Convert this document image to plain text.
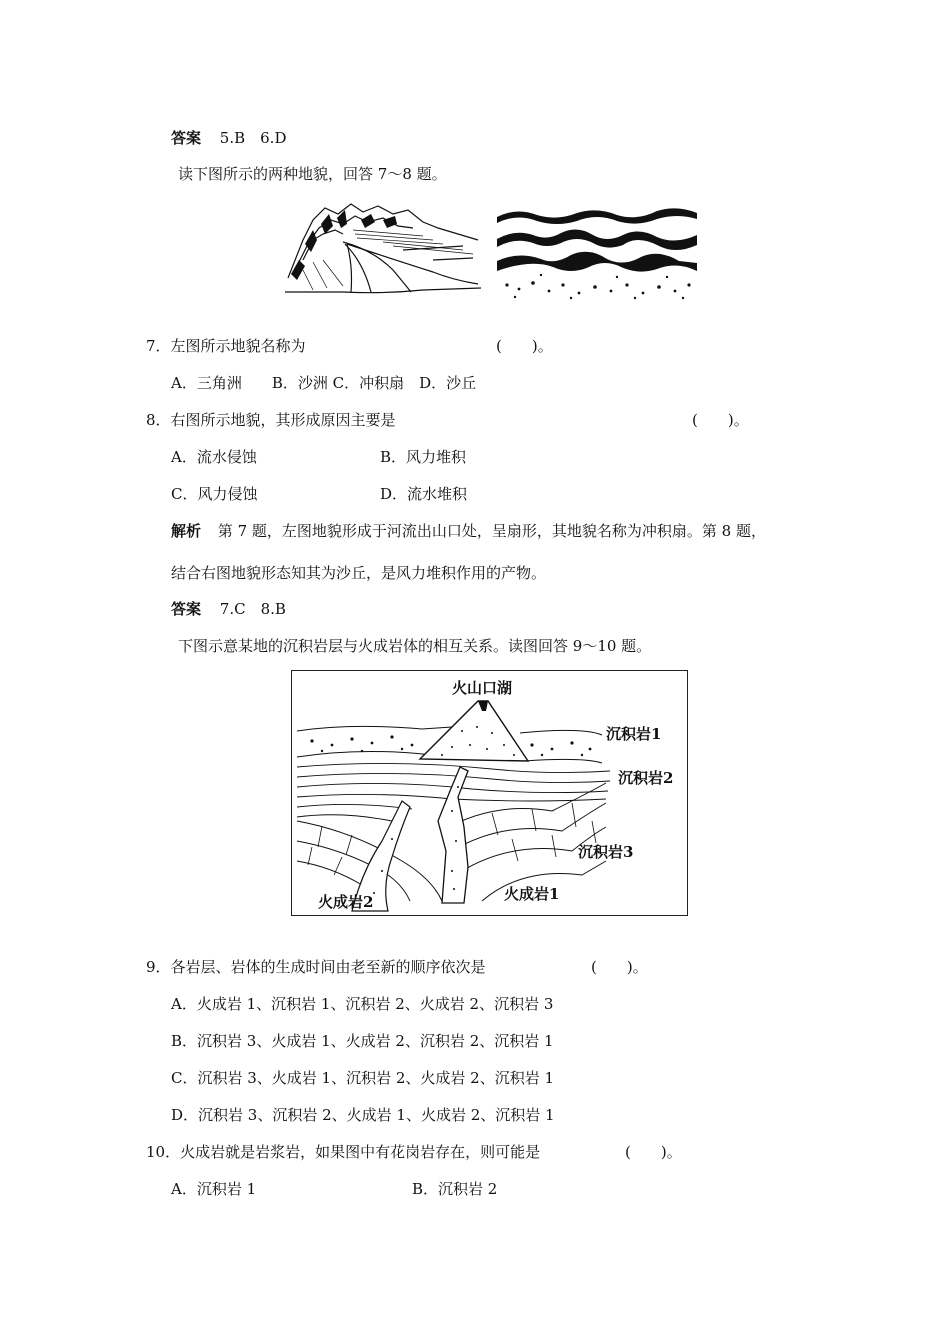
答案 5.B　6.D
读下图所示的两种地貌，回答 7～8 题。
7．左图所示地貌名称为	(　　)。
A．三角洲　　B．沙洲 C．冲积扇　D．沙丘
8．右图所示地貌，其形成原因主要是	(　　)。
A．流水侵蚀	B．风力堆积
C．风力侵蚀	D．流水堆积
解析 第 7 题，左图地貌形成于河流出山口处，呈扇形，其地貌名称为冲积扇。第 8 题，
结合右图地貌形态知其为沙丘，是风力堆积作用的产物。
答案 7.C　8.B
下图示意某地的沉积岩层与火成岩体的相互关系。读图回答 9～10 题。
火山口湖
沉积岩1
沉积岩2
沉积岩3
火成岩1
火成岩2
9．各岩层、岩体的生成时间由老至新的顺序依次是	(　　)。
A．火成岩 1、沉积岩 1、沉积岩 2、火成岩 2、沉积岩 3
B．沉积岩 3、火成岩 1、火成岩 2、沉积岩 2、沉积岩 1
C．沉积岩 3、火成岩 1、沉积岩 2、火成岩 2、沉积岩 1
D．沉积岩 3、沉积岩 2、火成岩 1、火成岩 2、沉积岩 1
10．火成岩就是岩浆岩，如果图中有花岗岩存在，则可能是	(　　)。
A．沉积岩 1	B．沉积岩 2
